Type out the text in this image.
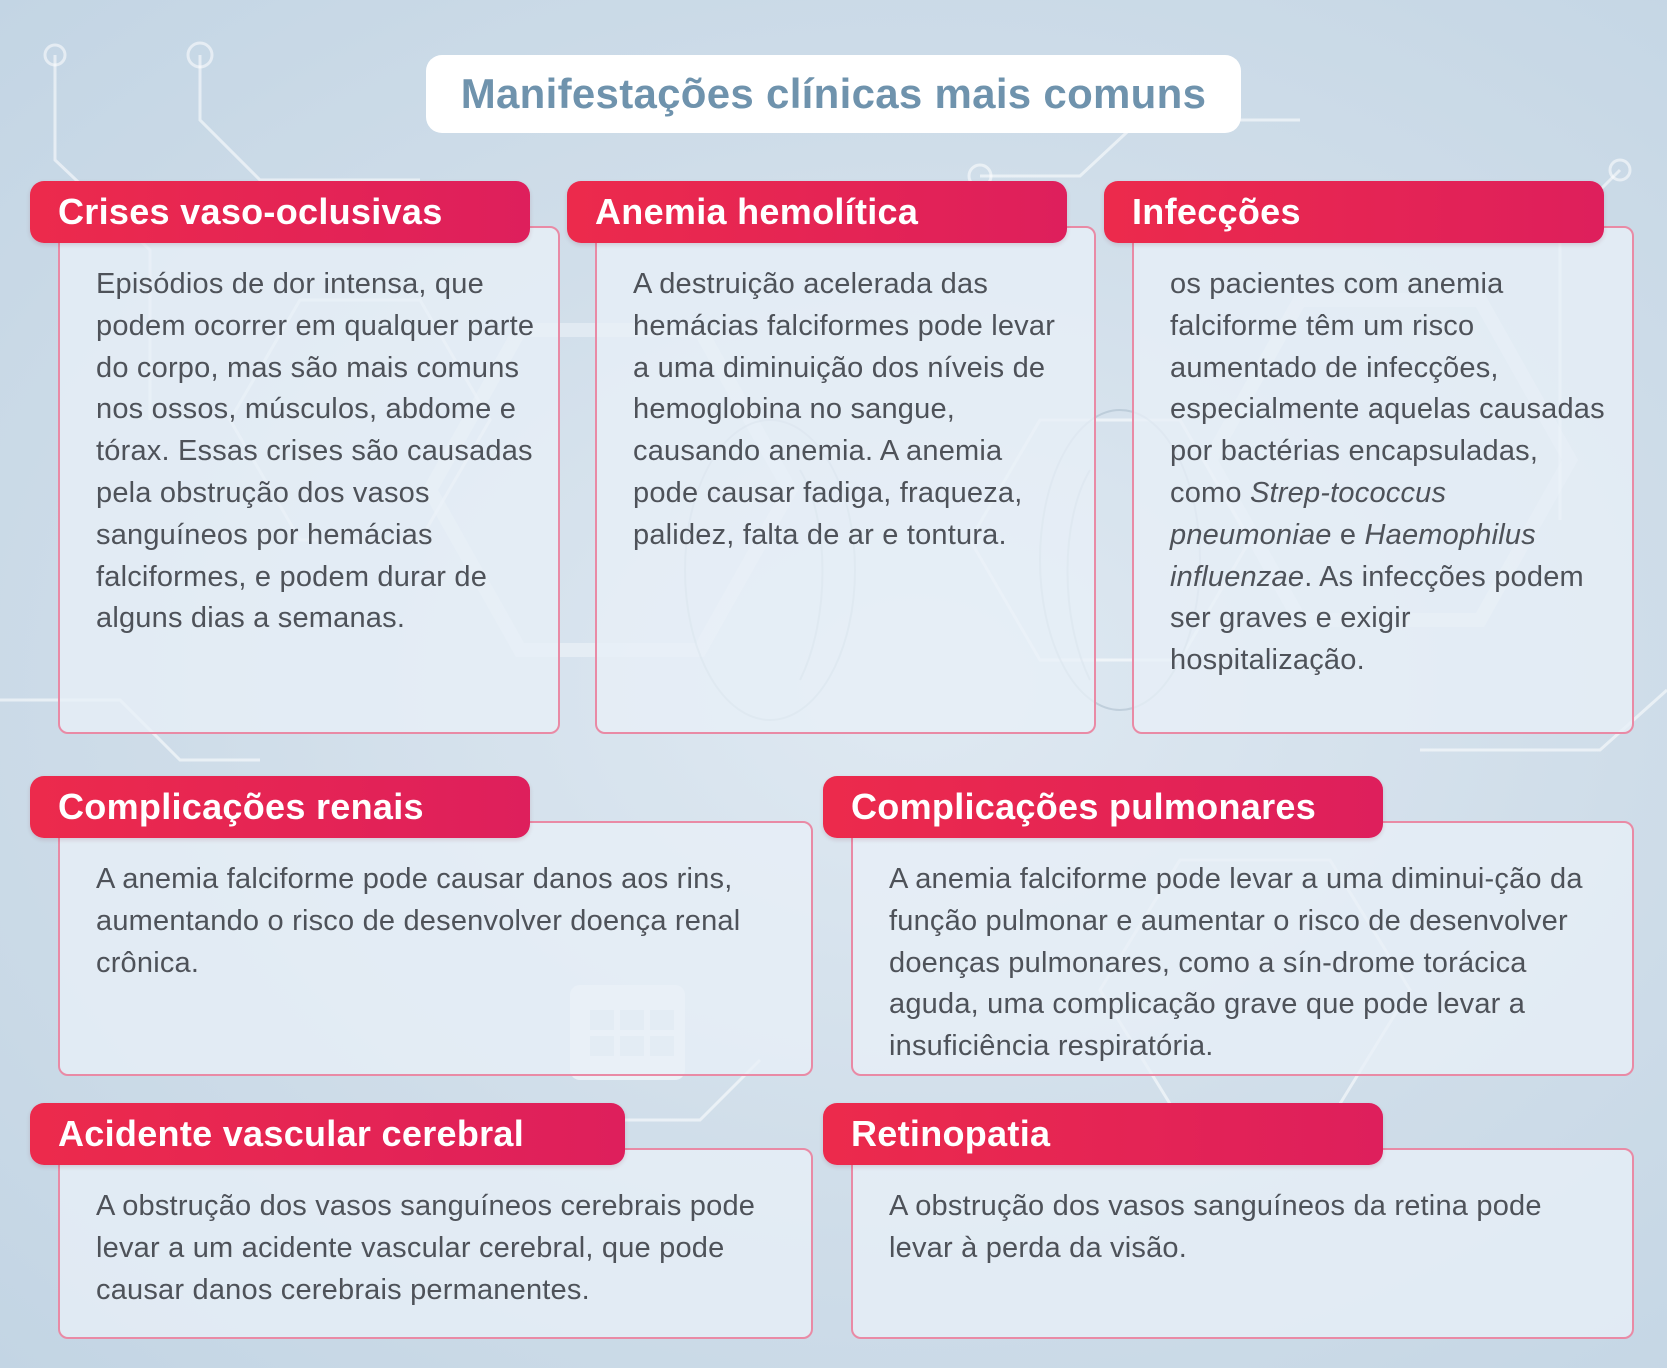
Manifestações clínicas mais comuns

Episódios de dor intensa, que podem ocorrer em qualquer parte do corpo, mas são mais comuns nos ossos, músculos, abdome e tórax. Essas crises são causadas pela obstrução dos vasos sanguíneos por hemácias falciformes, e podem durar de alguns dias a semanas.

Crises vaso-oclusivas

A destruição acelerada das hemácias falciformes pode levar a uma diminuição dos níveis de hemoglobina no sangue, causando anemia. A anemia pode causar fadiga, fraqueza, palidez, falta de ar e tontura.

Anemia hemolítica

os pacientes com anemia falciforme têm um risco aumentado de infecções, especialmente aquelas causadas por bactérias encapsuladas, como Strep-tococcus pneumoniae e Haemophilus influenzae. As infecções podem ser graves e exigir hospitalização.

Infecções

A anemia falciforme pode causar danos aos rins, aumentando o risco de desenvolver doença renal crônica.

Complicações renais

A anemia falciforme pode levar a uma diminui-ção da função pulmonar e aumentar o risco de desenvolver doenças pulmonares, como a sín-drome torácica aguda, uma complicação grave que pode levar a insuficiência respiratória.

Complicações pulmonares

A obstrução dos vasos sanguíneos cerebrais pode levar a um acidente vascular cerebral, que pode causar danos cerebrais permanentes.

Acidente vascular cerebral

A obstrução dos vasos sanguíneos da retina pode levar à perda da visão.

Retinopatia
